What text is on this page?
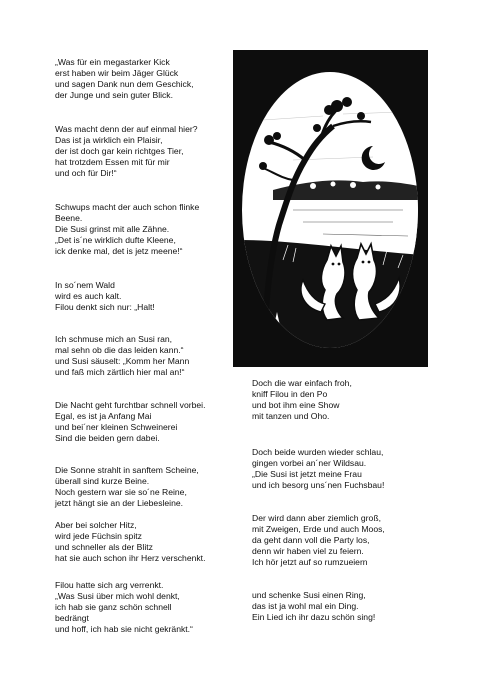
„Was für ein megastarker Kick
erst haben wir beim Jäger Glück
und sagen Dank nun dem Geschick,
der Junge und sein guter Blick.
Was macht denn der auf einmal hier?
Das ist ja wirklich ein Plaisir,
der ist doch gar kein richtges Tier,
hat trotzdem Essen mit für mir
und och für Dir!“
Schwups macht der auch schon flinke
Beene.
Die Susi grinst mit alle Zähne.
„Det is´ne wirklich dufte Kleene,
ick denke mal, det is jetz meene!“
In so´nem Wald
wird es auch kalt.
Filou denkt sich nur: „Halt!
Ich schmuse mich an Susi ran,
mal sehn ob die das leiden kann.“
und Susi säuselt: „Komm her Mann
und faß mich zärtlich hier mal an!“
Die Nacht geht furchtbar schnell vorbei.
Egal, es ist ja Anfang Mai
und bei´ner kleinen Schweinerei
Sind die beiden gern dabei.
Die Sonne strahlt in sanftem Scheine,
überall sind kurze Beine.
Noch gestern war sie so´ne Reine,
jetzt hängt sie an der Liebesleine.
Aber bei solcher Hitz,
wird jede Füchsin spitz
und schneller als der Blitz
hat sie auch schon ihr Herz verschenkt.
Filou hatte sich arg verrenkt.
„Was Susi über mich wohl denkt,
ich hab sie ganz schön schnell
bedrängt
und hoff, ich hab sie nicht gekränkt.“
Doch die war einfach froh,
kniff Filou in den Po
und bot ihm eine Show
mit tanzen und Oho.
Doch beide wurden wieder schlau,
gingen vorbei an´ner Wildsau.
„Die Susi ist jetzt meine Frau
und ich besorg uns´nen Fuchsbau!
Der wird dann aber ziemlich groß,
mit Zweigen, Erde und auch Moos,
da geht dann voll die Party los,
denn wir haben viel zu feiern.
Ich hör jetzt auf so rumzueiern
und schenke Susi einen Ring,
das ist ja wohl mal ein Ding.
Ein Lied ich ihr dazu schön sing!
